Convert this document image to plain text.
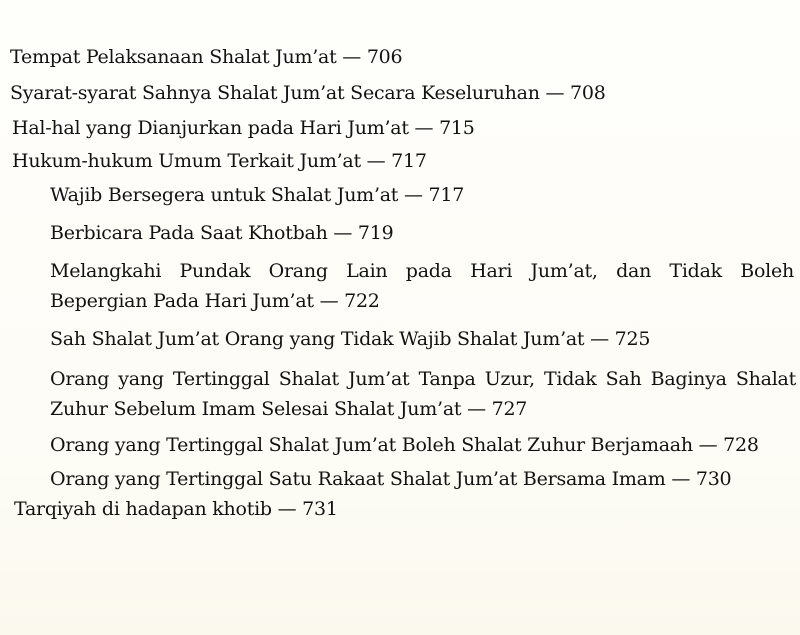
Tempat Pelaksanaan Shalat Jum’at — 706
Syarat-syarat Sahnya Shalat Jum’at Secara Keseluruhan — 708
Hal-hal yang Dianjurkan pada Hari Jum’at — 715
Hukum-hukum Umum Terkait Jum’at — 717
Wajib Bersegera untuk Shalat Jum’at — 717
Berbicara Pada Saat Khotbah — 719
Melangkahi Pundak Orang Lain pada Hari Jum’at, dan Tidak Boleh
Bepergian Pada Hari Jum’at — 722
Sah Shalat Jum’at Orang yang Tidak Wajib Shalat Jum’at — 725
Orang yang Tertinggal Shalat Jum’at Tanpa Uzur, Tidak Sah Baginya Shalat
Zuhur Sebelum Imam Selesai Shalat Jum’at — 727
Orang yang Tertinggal Shalat Jum’at Boleh Shalat Zuhur Berjamaah — 728
Orang yang Tertinggal Satu Rakaat Shalat Jum’at Bersama Imam — 730
Tarqiyah di hadapan khotib — 731
